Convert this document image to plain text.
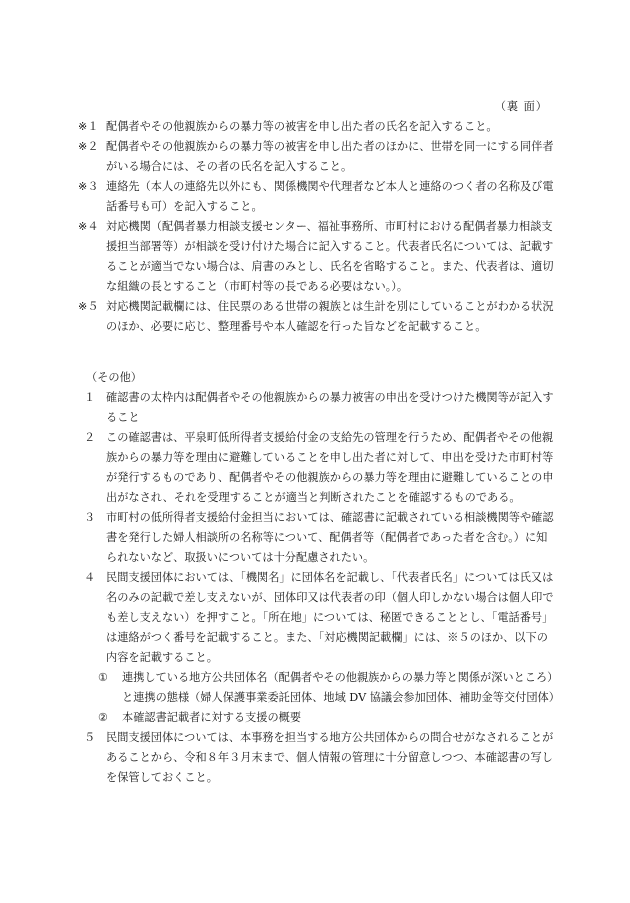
（裏 面）
※１ 配偶者やその他親族からの暴力等の被害を申し出た者の氏名を記入すること。
※２ 配偶者やその他親族からの暴力等の被害を申し出た者のほかに、世帯を同一にする同伴者がいる場合には、その者の氏名を記入すること。
※３ 連絡先（本人の連絡先以外にも、関係機関や代理者など本人と連絡のつく者の名称及び電話番号も可）を記入すること。
※４ 対応機関（配偶者暴力相談支援センター、福祉事務所、市町村における配偶者暴力相談支援担当部署等）が相談を受け付けた場合に記入すること。代表者氏名については、記載することが適当でない場合は、肩書のみとし、氏名を省略すること。また、代表者は、適切な組織の長とすること（市町村等の長である必要はない。）。
※５ 対応機関記載欄には、住民票のある世帯の親族とは生計を別にしていることがわかる状況のほか、必要に応じ、整理番号や本人確認を行った旨などを記載すること。
（その他）
１ 確認書の太枠内は配偶者やその他親族からの暴力被害の申出を受けつけた機関等が記入すること
２ この確認書は、平泉町低所得者支援給付金の支給先の管理を行うため、配偶者やその他親族からの暴力等を理由に避難していることを申し出た者に対して、申出を受けた市町村等が発行するものであり、配偶者やその他親族からの暴力等を理由に避難していることの申出がなされ、それを受理することが適当と判断されたことを確認するものである。
３ 市町村の低所得者支援給付金担当においては、確認書に記載されている相談機関等や確認書を発行した婦人相談所の名称等について、配偶者等（配偶者であった者を含む。）に知られないなど、取扱いについては十分配慮されたい。
４ 民間支援団体においては、「機関名」に団体名を記載し、「代表者氏名」については氏又は名のみの記載で差し支えないが、団体印又は代表者の印（個人印しかない場合は個人印でも差し支えない）を押すこと。「所在地」については、秘匿できることとし、「電話番号」は連絡がつく番号を記載すること。また、「対応機関記載欄」には、※５のほか、以下の内容を記載すること。
① 連携している地方公共団体名（配偶者やその他親族からの暴力等と関係が深いところ）と連携の態様（婦人保護事業委託団体、地域 DV 協議会参加団体、補助金等交付団体）
② 本確認書記載者に対する支援の概要
５ 民間支援団体については、本事務を担当する地方公共団体からの問合せがなされることがあることから、令和８年３月末まで、個人情報の管理に十分留意しつつ、本確認書の写しを保管しておくこと。
